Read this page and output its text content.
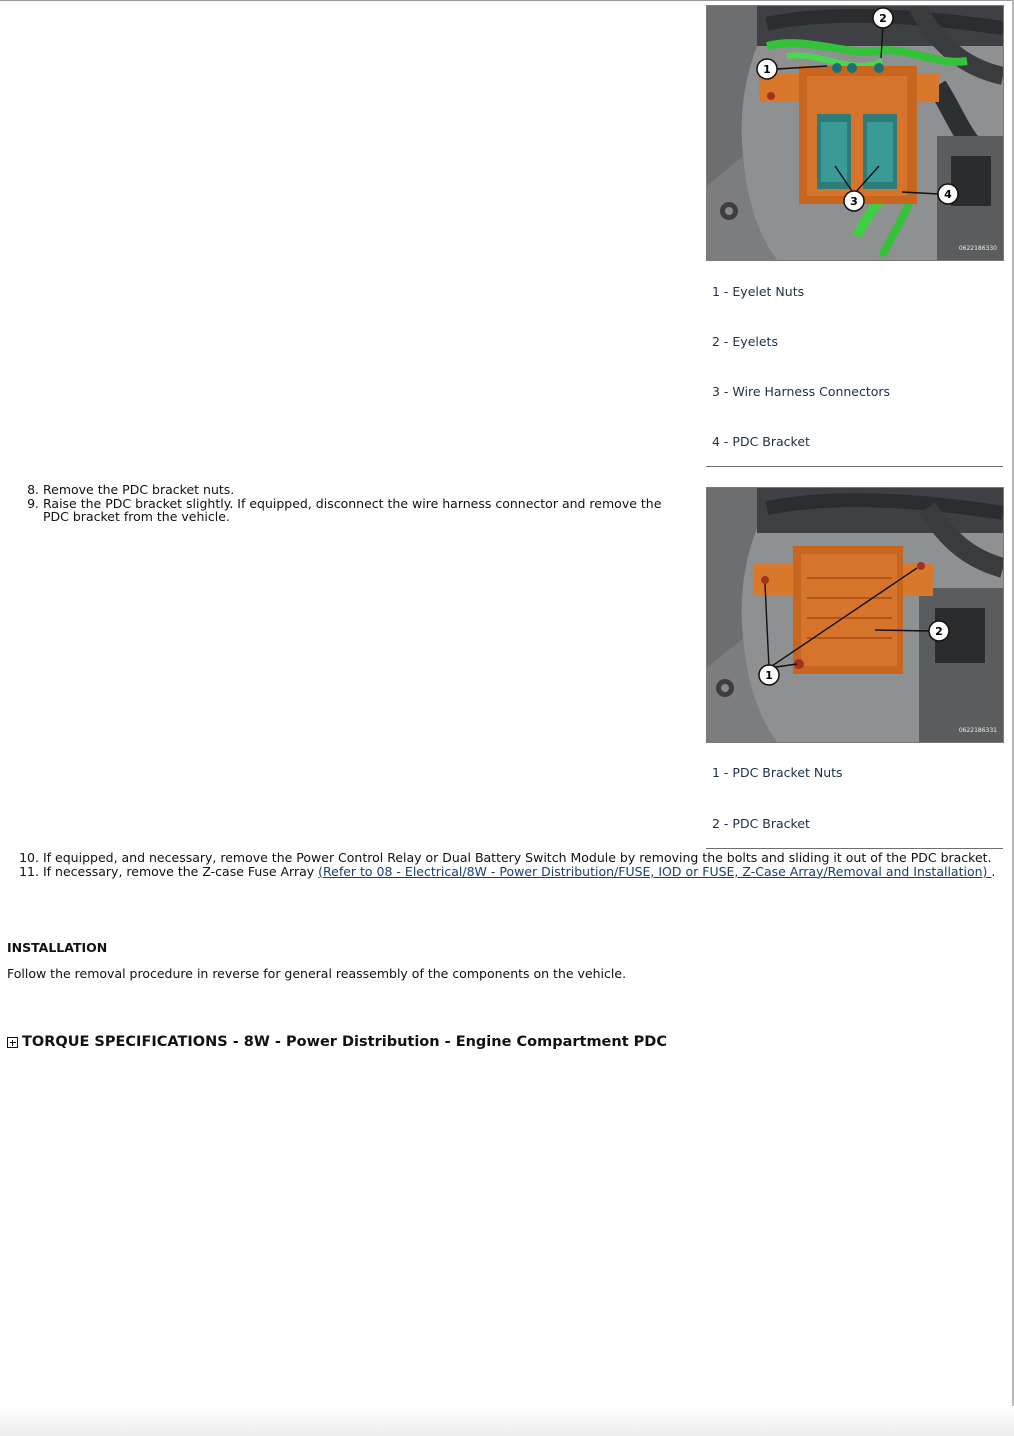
1
2
3
4
0622186330
1 - Eyelet Nuts
2 - Eyelets
3 - Wire Harness Connectors
4 - PDC Bracket
8. Remove the PDC bracket nuts.
9. Raise the PDC bracket slightly. If equipped, disconnect the wire harness connector and remove the PDC bracket from the vehicle.
1
2
0622186331
1 - PDC Bracket Nuts
2 - PDC Bracket
10. If equipped, and necessary, remove the Power Control Relay or Dual Battery Switch Module by removing the bolts and sliding it out of the PDC bracket.
11. If necessary, remove the Z-case Fuse Array (Refer to 08 - Electrical/8W - Power Distribution/FUSE, IOD or FUSE, Z-Case Array/Removal and Installation) .
INSTALLATION

Follow the removal procedure in reverse for general reassembly of the components on the vehicle.

TORQUE SPECIFICATIONS - 8W - Power Distribution - Engine Compartment PDC
